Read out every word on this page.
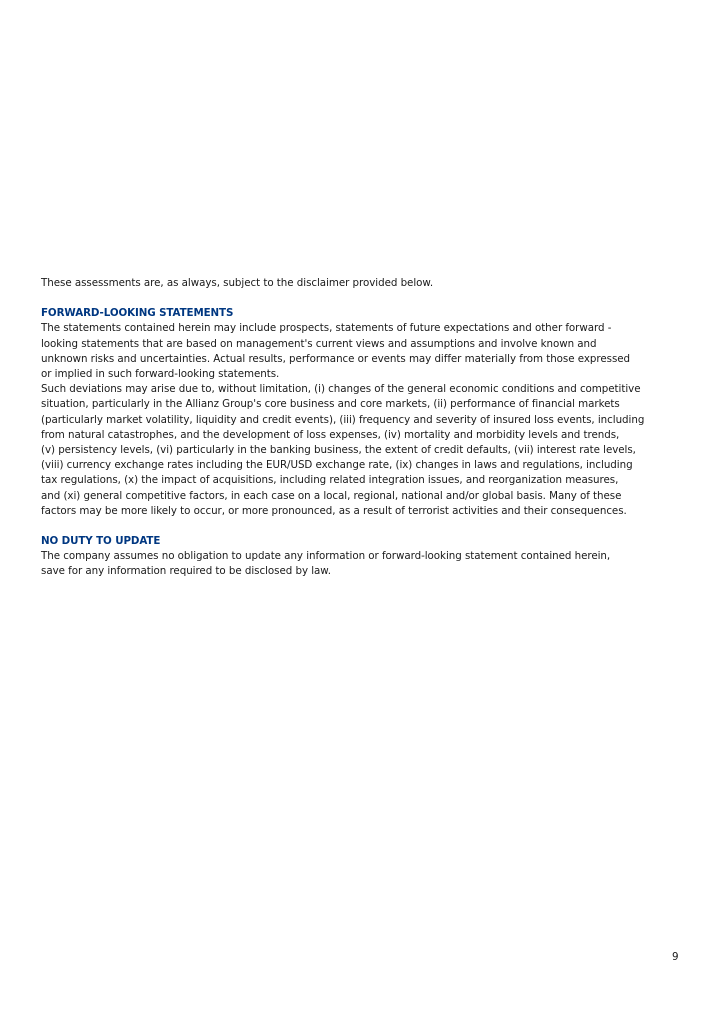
These assessments are, as always, subject to the disclaimer provided below.
FORWARD-LOOKING STATEMENTS
The statements contained herein may include prospects, statements of future expectations and other forward -
looking statements that are based on management's current views and assumptions and involve known and
unknown risks and uncertainties. Actual results, performance or events may differ materially from those expressed
or implied in such forward-looking statements.
Such deviations may arise due to, without limitation, (i) changes of the general economic conditions and competitive
situation, particularly in the Allianz Group's core business and core markets, (ii) performance of financial markets
(particularly market volatility, liquidity and credit events), (iii) frequency and severity of insured loss events, including
from natural catastrophes, and the development of loss expenses, (iv) mortality and morbidity levels and trends,
(v) persistency levels, (vi) particularly in the banking business, the extent of credit defaults, (vii) interest rate levels,
(viii) currency exchange rates including the EUR/USD exchange rate, (ix) changes in laws and regulations, including
tax regulations, (x) the impact of acquisitions, including related integration issues, and reorganization measures,
and (xi) general competitive factors, in each case on a local, regional, national and/or global basis. Many of these
factors may be more likely to occur, or more pronounced, as a result of terrorist activities and their consequences.
NO DUTY TO UPDATE
The company assumes no obligation to update any information or forward-looking statement contained herein,
save for any information required to be disclosed by law.
9
